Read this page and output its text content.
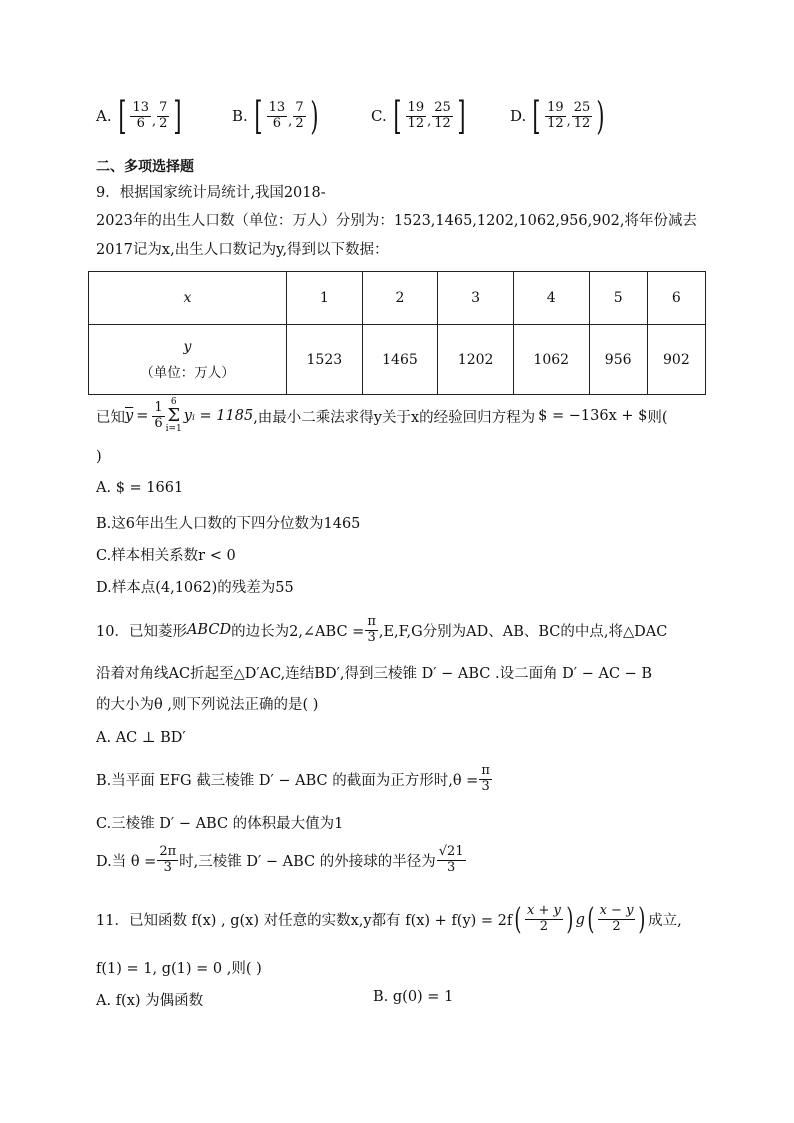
A. [ $\frac{13}{6}$ , $\frac{7}{2}$ ]	B. [ $\frac{13}{6}$ , $\frac{7}{2}$ )	C. [ $\frac{19}{12}$ , $\frac{25}{12}$ ]	D. [ $\frac{19}{12}$ , $\frac{25}{12}$ )
二、多项选择题
9．根据国家统计局统计,我国2018-
2023年的出生人口数（单位：万人）分别为：1523,1465,1202,1062,956,902,将年份减去
2017记为x,出生人口数记为y,得到以下数据：
x	1	2	3	4	5	6

y
（单位：万人）	1523	1465	1202	1062	956	902
已知 $\overline{y} = \frac{1}{6} 6$
Σ
i=1
yᵢ = 1185 ,由最小二乘法求得y关于x的经验回归方程为 $ = −136x + $ 则(
)
A. $ = 1661
B.这6年出生人口数的下四分位数为1465
C.样本相关系数r < 0
D.样本点(4,1062)的残差为55
10．已知菱形 ABCD 的边长为2,∠ABC = $\frac{\pi}{3} ,E,F,G$分别为AD、AB、BC的中点,将△DAC
沿着对角线AC折起至△D′AC,连结BD′,得到三棱锥 D′ − ABC .设二面角 D′ − AC − B
的大小为θ ,则下列说法正确的是( )
A. AC ⊥ BD′
B.当平面 EFG 截三棱锥 D′ − ABC 的截面为正方形时$,\theta = \frac{\pi}{3}$
C.三棱锥 D′ − ABC 的体积最大值为1
D.当 $\theta = \frac{2\pi}{3}$ 时,三棱锥 D′ − ABC 的外接球的半径为 $\frac{√21}{3}$
11．已知函数 f(x) , g(x) 对任意的实数x,y都有 f(x) + f(y) = 2f ( $\frac{x + y}{2}$ ) g ( $\frac{x - y}{2}$ ) 成立,
f(1) = 1, g(1) = 0 ,则( )
A. f(x) 为偶函数	B. g(0) = 1
